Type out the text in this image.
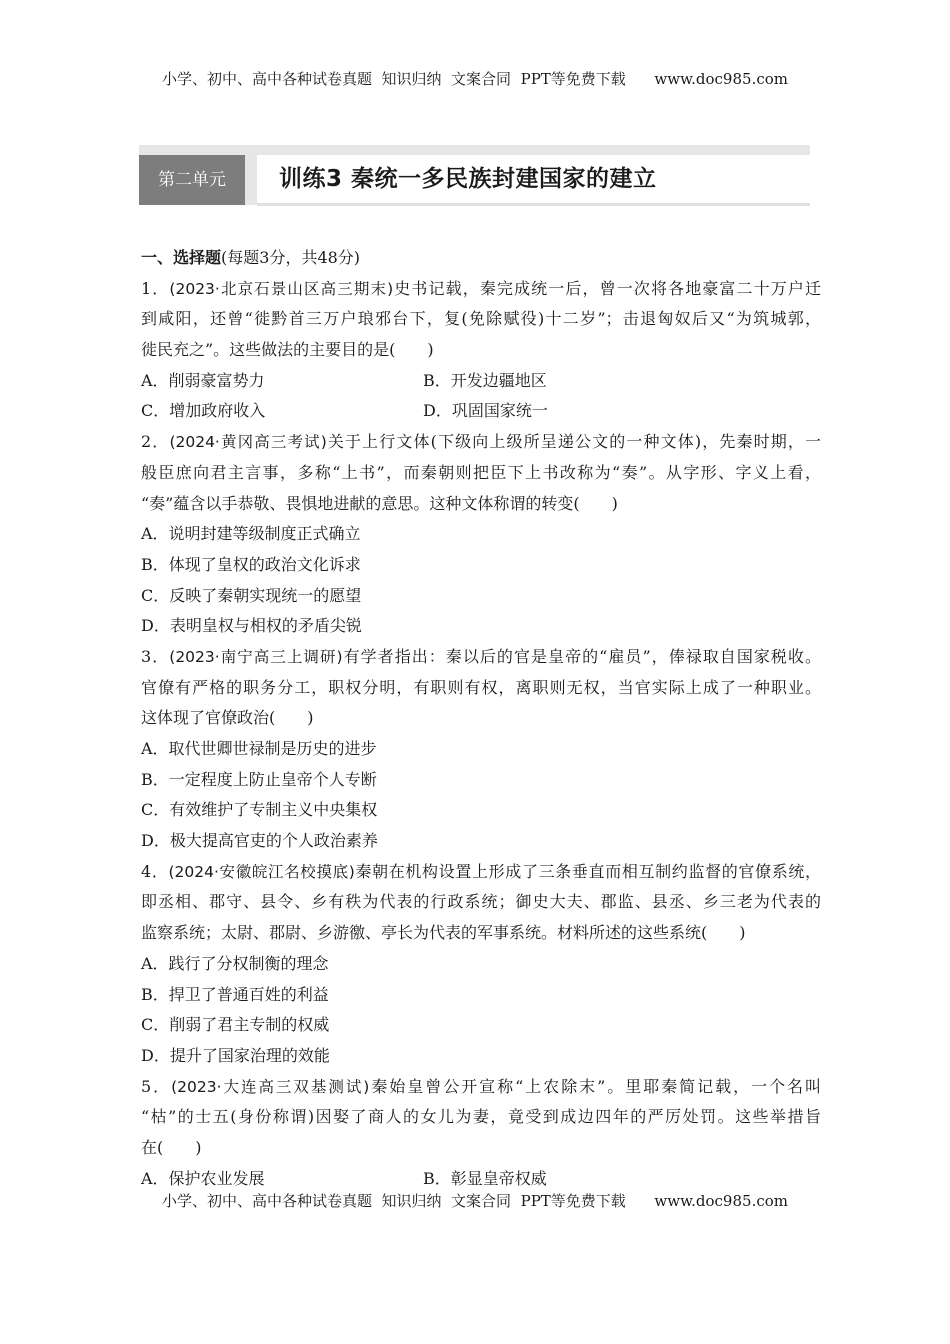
小学、初中、高中各种试卷真题  知识归纳  文案合同  PPT等免费下载      www.doc985.com
第二单元	训练3 秦统一多民族封建国家的建立
一、选择题(每题3分，共48分)
1．(2023·北京石景山区高三期末)史书记载，秦完成统一后，曾一次将各地豪富二十万户迁
到咸阳，还曾“徙黔首三万户琅邪台下，复(免除赋役)十二岁”；击退匈奴后又“为筑城郭，
徙民充之”。这些做法的主要目的是(　　)
A．削弱豪富势力	B．开发边疆地区
C．增加政府收入	D．巩固国家统一
2．(2024·黄冈高三考试)关于上行文体(下级向上级所呈递公文的一种文体)，先秦时期，一
般臣庶向君主言事，多称“上书”，而秦朝则把臣下上书改称为“奏”。从字形、字义上看，
“奏”蕴含以手恭敬、畏惧地进献的意思。这种文体称谓的转变(　　)
A．说明封建等级制度正式确立
B．体现了皇权的政治文化诉求
C．反映了秦朝实现统一的愿望
D．表明皇权与相权的矛盾尖锐
3．(2023·南宁高三上调研)有学者指出：秦以后的官是皇帝的“雇员”，俸禄取自国家税收。
官僚有严格的职务分工，职权分明，有职则有权，离职则无权，当官实际上成了一种职业。
这体现了官僚政治(　　)
A．取代世卿世禄制是历史的进步
B．一定程度上防止皇帝个人专断
C．有效维护了专制主义中央集权
D．极大提高官吏的个人政治素养
4．(2024·安徽皖江名校摸底)秦朝在机构设置上形成了三条垂直而相互制约监督的官僚系统，
即丞相、郡守、县令、乡有秩为代表的行政系统；御史大夫、郡监、县丞、乡三老为代表的
监察系统；太尉、郡尉、乡游徼、亭长为代表的军事系统。材料所述的这些系统(　　)
A．践行了分权制衡的理念
B．捍卫了普通百姓的利益
C．削弱了君主专制的权威
D．提升了国家治理的效能
5．(2023·大连高三双基测试)秦始皇曾公开宣称“上农除末”。里耶秦简记载，一个名叫
“枯”的士五(身份称谓)因娶了商人的女儿为妻，竟受到成边四年的严厉处罚。这些举措旨
在(　　)
A．保护农业发展	B．彰显皇帝权威
小学、初中、高中各种试卷真题  知识归纳  文案合同  PPT等免费下载      www.doc985.com
